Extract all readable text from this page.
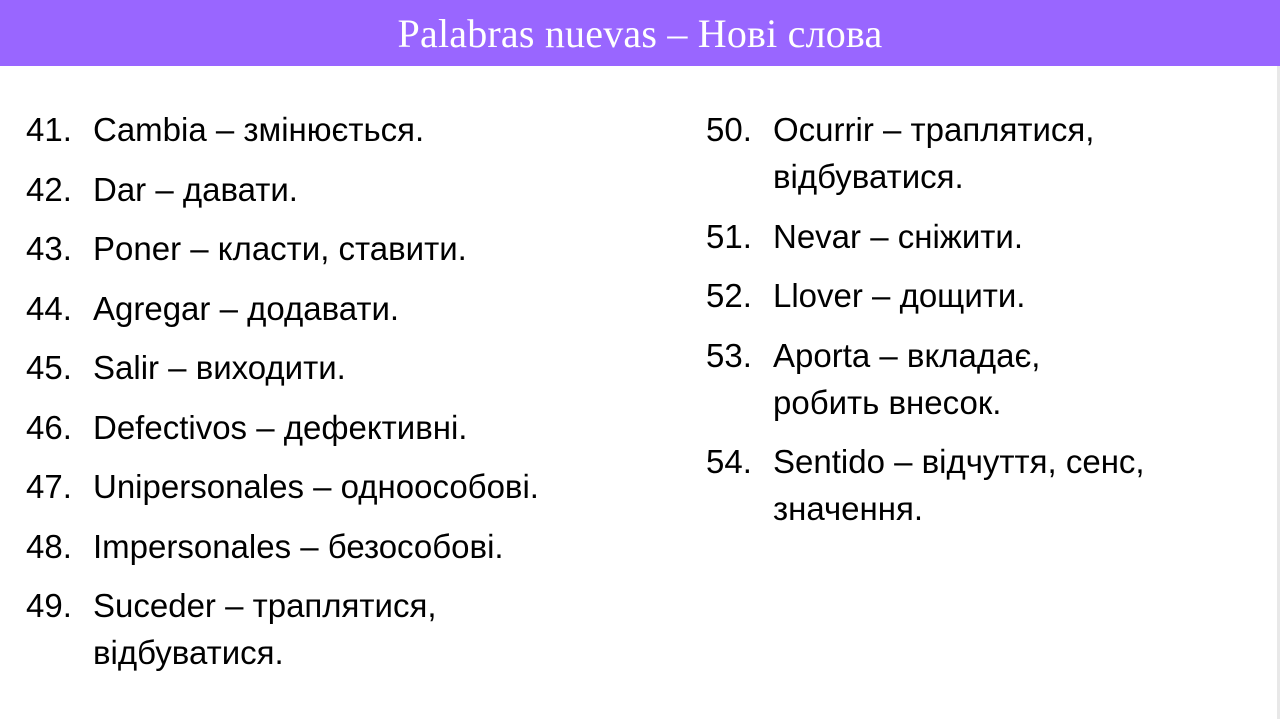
Palabras nuevas – Нові слова
41. Cambia – змінюється.
42. Dar – давати.
43. Poner – класти, ставити.
44. Agregar – додавати.
45. Salir – виходити.
46. Defectivos – дефективні.
47. Unipersonales – одноособові.
48. Impersonales – безособові.
49. Suceder – траплятися, відбуватися.
50. Ocurrir – траплятися, відбуватися.
51. Nevar – сніжити.
52. Llover – дощити.
53. Aporta – вкладає, робить внесок.
54. Sentido – відчуття, сенс, значення.
